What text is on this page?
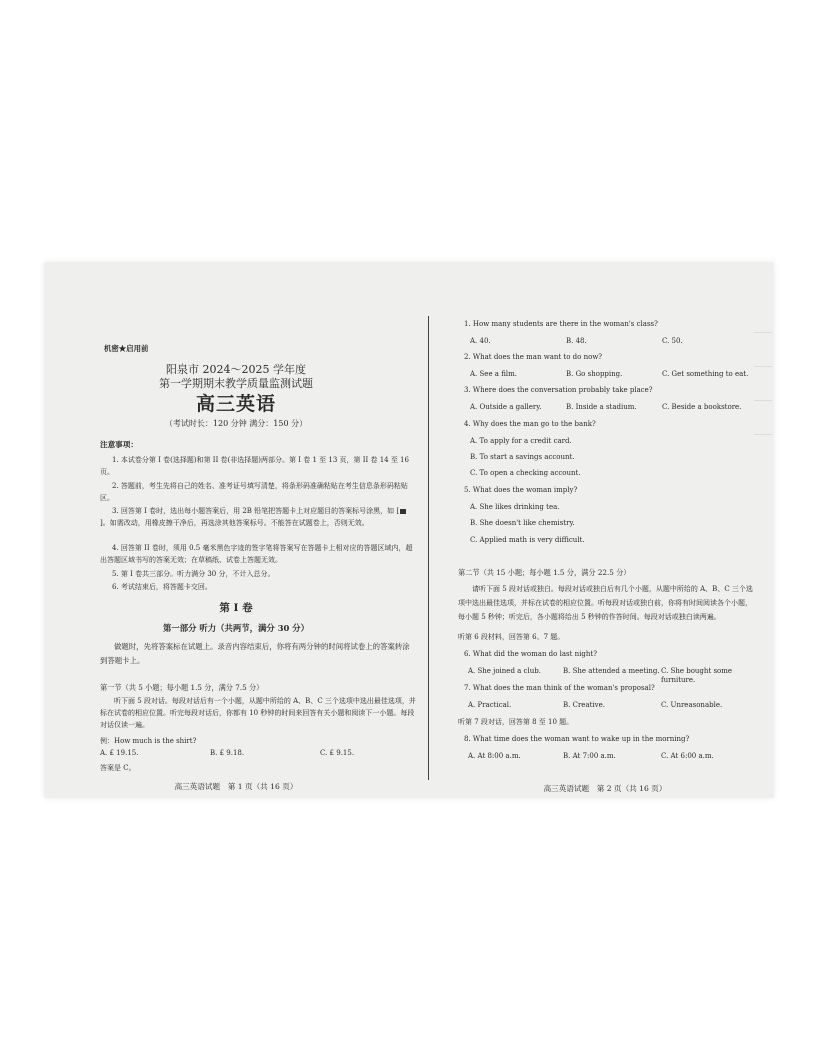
机密★启用前
阳泉市 2024～2025 学年度
第一学期期末教学质量监测试题
高三英语
（考试时长：120 分钟 满分：150 分）
注意事项：
1. 本试卷分第 I 卷(选择题)和第 II 卷(非选择题)两部分。第 I 卷 1 至 13 页，第 II 卷 14 至 16 页。
2. 答题前，考生先将自己的姓名、准考证号填写清楚，将条形码准确粘贴在考生信息条形码粘贴区。
3. 回答第 I 卷时，选出每小题答案后，用 2B 铅笔把答题卡上对应题目的答案标号涂黑，如 []。如需改动，用橡皮擦干净后，再选涂其他答案标号。不能答在试题卷上，否则无效。
4. 回答第 II 卷时，须用 0.5 毫米黑色字迹的签字笔将答案写在答题卡上相对应的答题区域内，超出答题区域书写的答案无效；在草稿纸、试卷上答题无效。
5. 第 I 卷共三部分。听力满分 30 分，不计入总分。
6. 考试结束后，将答题卡交回。
第 I 卷
第一部分 听力（共两节，满分 30 分）
做题时，先将答案标在试题上。录音内容结束后，你将有两分钟的时间将试卷上的答案转涂到答题卡上。
第一节（共 5 小题；每小题 1.5 分，满分 7.5 分）
听下面 5 段对话。每段对话后有一个小题，从题中所给的 A、B、C 三个选项中选出最佳选项，并标在试卷的相应位置。听完每段对话后，你都有 10 秒钟的时间来回答有关小题和阅读下一小题。每段对话仅读一遍。
例：How much is the shirt?
A. £ 19.15.	B. £ 9.18.	C. £ 9.15.
答案是 C。
高三英语试题　第 1 页（共 16 页）
1. How many students are there in the woman's class?
A. 40.	B. 48.	C. 50.
2. What does the man want to do now?
A. See a film.	B. Go shopping.	C. Get something to eat.
3. Where does the conversation probably take place?
A. Outside a gallery.	B. Inside a stadium.	C. Beside a bookstore.
4. Why does the man go to the bank?
A. To apply for a credit card.
B. To start a savings account.
C. To open a checking account.
5. What does the woman imply?
A. She likes drinking tea.
B. She doesn't like chemistry.
C. Applied math is very difficult.
第二节（共 15 小题；每小题 1.5 分，满分 22.5 分）
请听下面 5 段对话或独白。每段对话或独白后有几个小题，从题中所给的 A、B、C 三个选项中选出最佳选项，并标在试卷的相应位置。听每段对话或独白前，你将有时间阅读各个小题，每小题 5 秒钟；听完后，各小题将给出 5 秒钟的作答时间。每段对话或独白读两遍。
听第 6 段材料，回答第 6、7 题。
6. What did the woman do last night?
A. She joined a club.	B. She attended a meeting. C. She bought some furniture.
7. What does the man think of the woman's proposal?
A. Practical.	B. Creative.	C. Unreasonable.
听第 7 段对话，回答第 8 至 10 题。
8. What time does the woman want to wake up in the morning?
A. At 8:00 a.m.	B. At 7:00 a.m.	C. At 6:00 a.m.
高三英语试题　第 2 页（共 16 页）
